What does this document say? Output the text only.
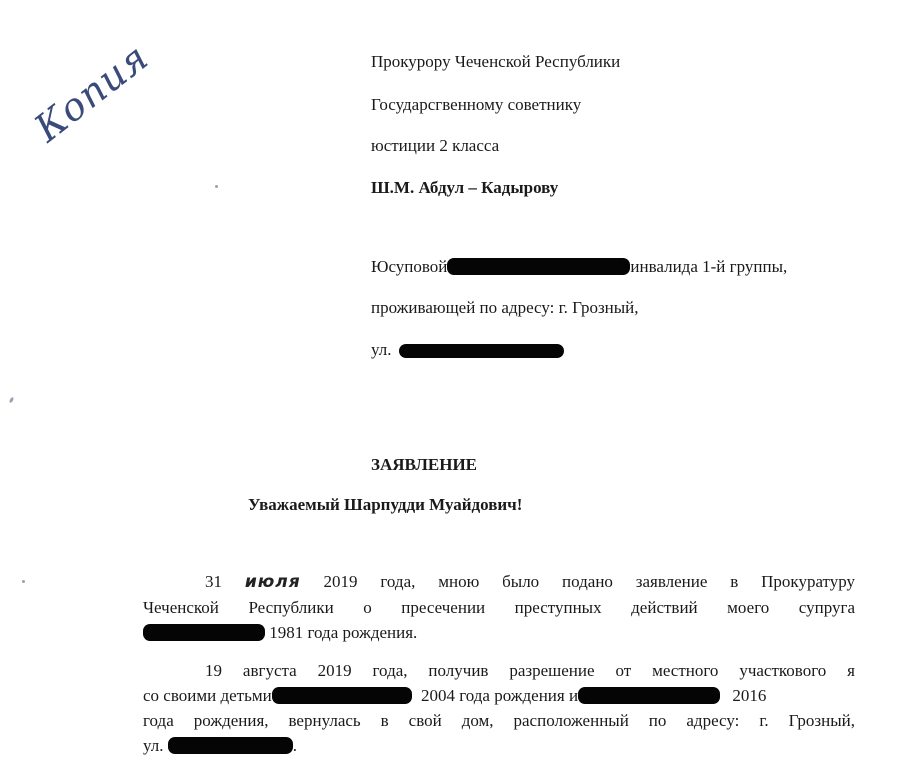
Копия	Прокурору Чеченской Республики
Государсгвенному советнику
юстиции 2 класса
Ш.М. Абдул – Кадырову
Юсуповой	инвалида 1-й группы,
проживающей по адресу: г. Грозный,
ул.
ЗАЯВЛЕНИЕ
Уважаемый Шарпудди Муайдович!
31 июля 2019 года, мною было подано заявление в Прокуратуру
Чеченской Республики о пресечении преступных действий моего супруга
1981 года рождения.
19 августа 2019 года, получив разрешение от местного участкового я
со своими детьми	2004 года рождения и	2016
года рождения, вернулась в свой дом, расположенный по адресу: г. Грозный,
ул.	.
